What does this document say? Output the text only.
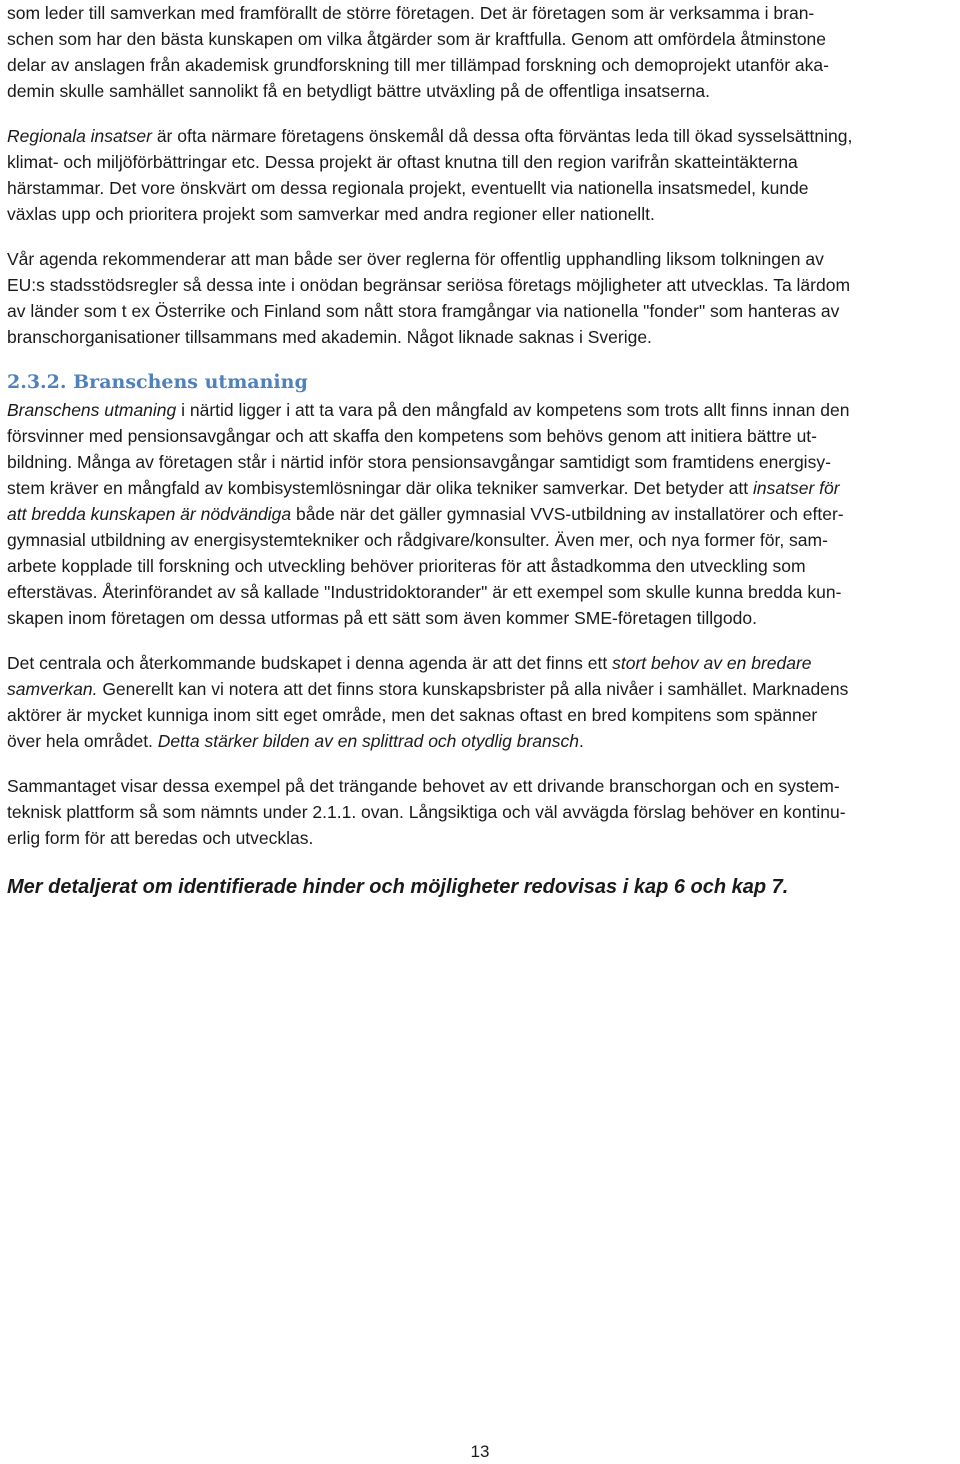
som leder till samverkan med framförallt de större företagen. Det är företagen som är verksamma i bran-
schen som har den bästa kunskapen om vilka åtgärder som är kraftfulla. Genom att omfördela åtminstone
delar av anslagen från akademisk grundforskning till mer tillämpad forskning och demoprojekt utanför aka-
demin skulle samhället sannolikt få en betydligt bättre utväxling på de offentliga insatserna.

Regionala insatser är ofta närmare företagens önskemål då dessa ofta förväntas leda till ökad sysselsättning,
klimat- och miljöförbättringar etc. Dessa projekt är oftast knutna till den region varifrån skatteintäkterna
härstammar. Det vore önskvärt om dessa regionala projekt, eventuellt via nationella insatsmedel, kunde
växlas upp och prioritera projekt som samverkar med andra regioner eller nationellt.

Vår agenda rekommenderar att man både ser över reglerna för offentlig upphandling liksom tolkningen av
EU:s stadsstödsregler så dessa inte i onödan begränsar seriösa företags möjligheter att utvecklas. Ta lärdom
av länder som t ex Österrike och Finland som nått stora framgångar via nationella "fonder" som hanteras av
branschorganisationer tillsammans med akademin. Något liknade saknas i Sverige.

2.3.2. Branschens utmaning

Branschens utmaning i närtid ligger i att ta vara på den mångfald av kompetens som trots allt finns innan den
försvinner med pensionsavgångar och att skaffa den kompetens som behövs genom att initiera bättre ut-
bildning. Många av företagen står i närtid inför stora pensionsavgångar samtidigt som framtidens energisy-
stem kräver en mångfald av kombisystemlösningar där olika tekniker samverkar. Det betyder att insatser för
att bredda kunskapen är nödvändiga både när det gäller gymnasial VVS-utbildning av installatörer och efter-
gymnasial utbildning av energisystemtekniker och rådgivare/konsulter. Även mer, och nya former för, sam-
arbete kopplade till forskning och utveckling behöver prioriteras för att åstadkomma den utveckling som
efterstävas. Återinförandet av så kallade "Industridoktorander" är ett exempel som skulle kunna bredda kun-
skapen inom företagen om dessa utformas på ett sätt som även kommer SME-företagen tillgodo.

Det centrala och återkommande budskapet i denna agenda är att det finns ett stort behov av en bredare
samverkan. Generellt kan vi notera att det finns stora kunskapsbrister på alla nivåer i samhället. Marknadens
aktörer är mycket kunniga inom sitt eget område, men det saknas oftast en bred kompitens som spänner
över hela området. Detta stärker bilden av en splittrad och otydlig bransch.

Sammantaget visar dessa exempel på det trängande behovet av ett drivande branschorgan och en system-
teknisk plattform så som nämnts under 2.1.1. ovan. Långsiktiga och väl avvägda förslag behöver en kontinu-
erlig form för att beredas och utvecklas.

Mer detaljerat om identifierade hinder och möjligheter redovisas i kap 6 och kap 7.

13
